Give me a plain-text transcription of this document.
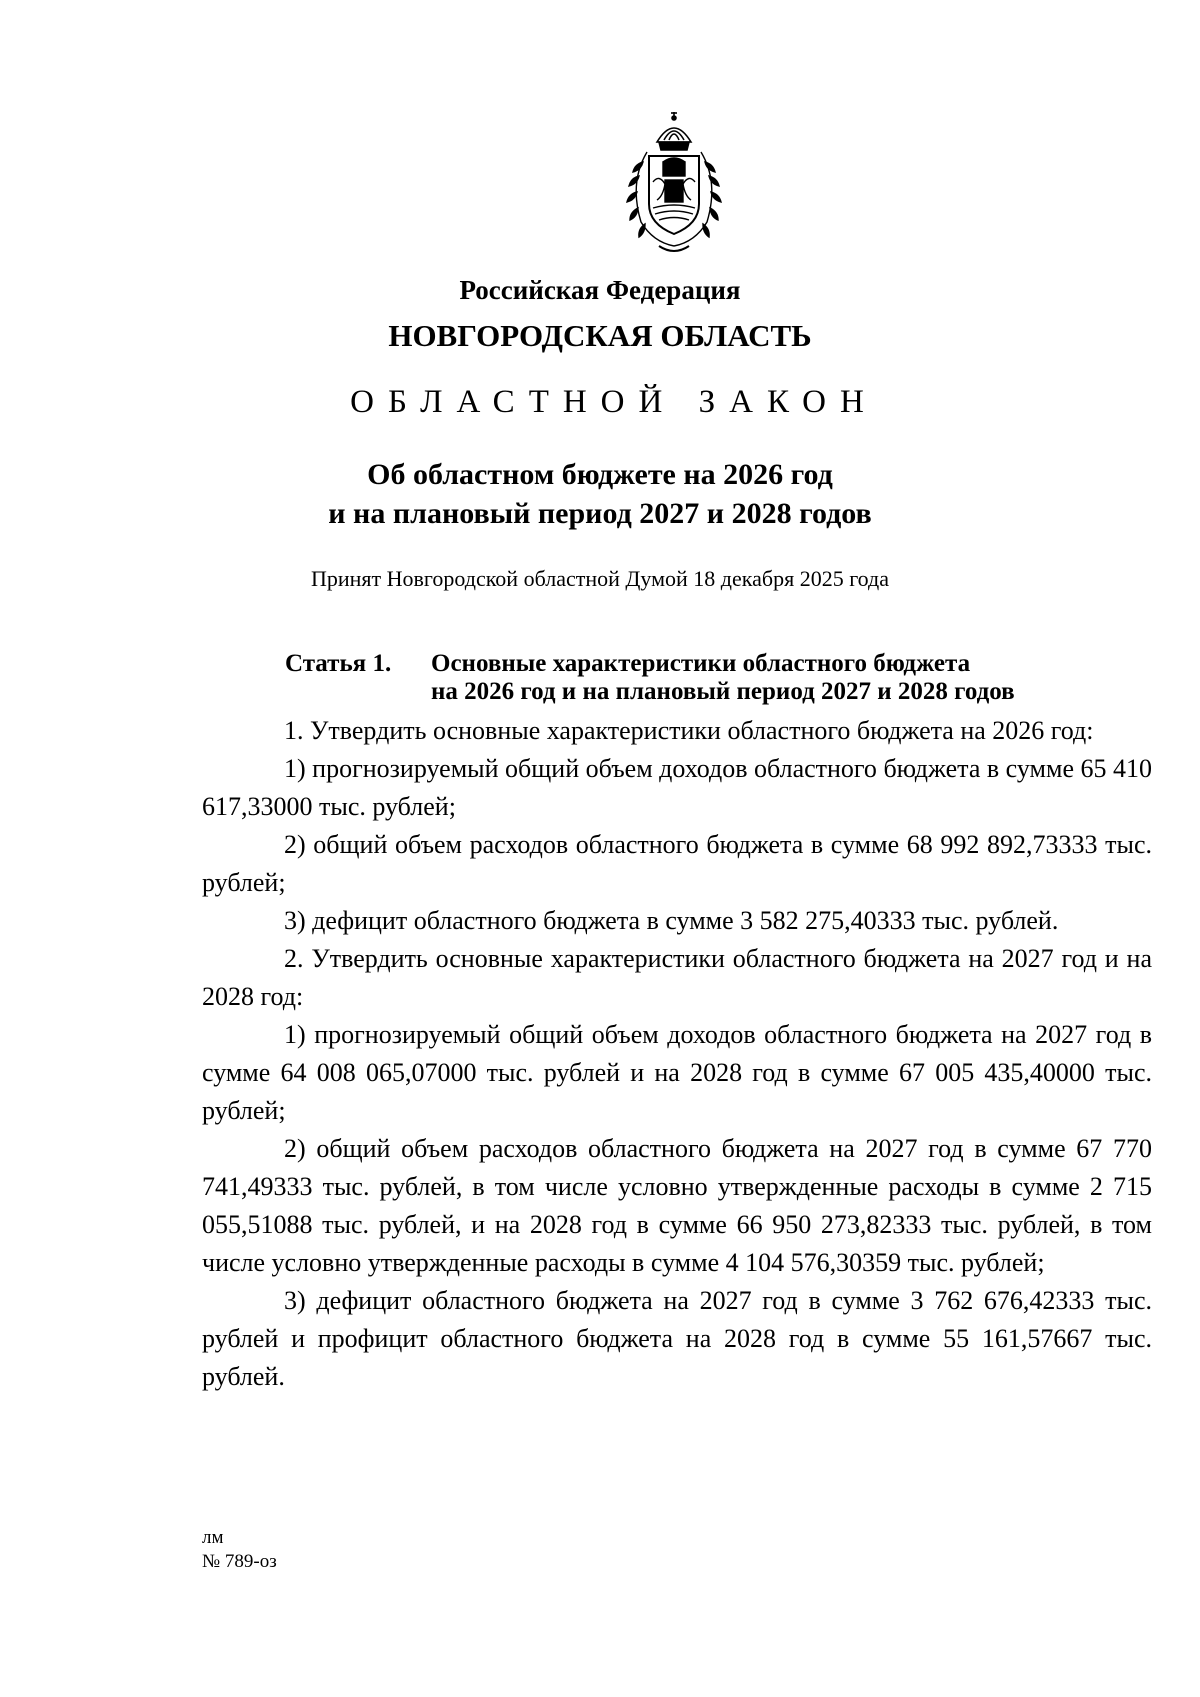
Российская Федерация
НОВГОРОДСКАЯ ОБЛАСТЬ
ОБЛАСТНОЙ ЗАКОН
Об областном бюджете на 2026 год
и на плановый период 2027 и 2028 годов
Принят Новгородской областной Думой 18 декабря 2025 года
Статья 1. Основные характеристики областного бюджета
на 2026 год и на плановый период 2027 и 2028 годов

1. Утвердить основные характеристики областного бюджета на 2026 год:

1) прогнозируемый общий объем доходов областного бюджета в сумме 65 410 617,33000 тыс. рублей;

2) общий объем расходов областного бюджета в сумме 68 992 892,73333 тыс. рублей;

3) дефицит областного бюджета в сумме 3 582 275,40333 тыс. рублей.

2. Утвердить основные характеристики областного бюджета на 2027 год и на 2028 год:

1) прогнозируемый общий объем доходов областного бюджета на 2027 год в сумме 64 008 065,07000 тыс. рублей и на 2028 год в сумме 67 005 435,40000 тыс. рублей;

2) общий объем расходов областного бюджета на 2027 год в сумме 67 770 741,49333 тыс. рублей, в том числе условно утвержденные расходы в сумме 2 715 055,51088 тыс. рублей, и на 2028 год в сумме 66 950 273,82333 тыс. рублей, в том числе условно утвержденные расходы в сумме 4 104 576,30359 тыс. рублей;

3) дефицит областного бюджета на 2027 год в сумме 3 762 676,42333 тыс. рублей и профицит областного бюджета на 2028 год в сумме 55 161,57667 тыс. рублей.

лм
№ 789-оз
